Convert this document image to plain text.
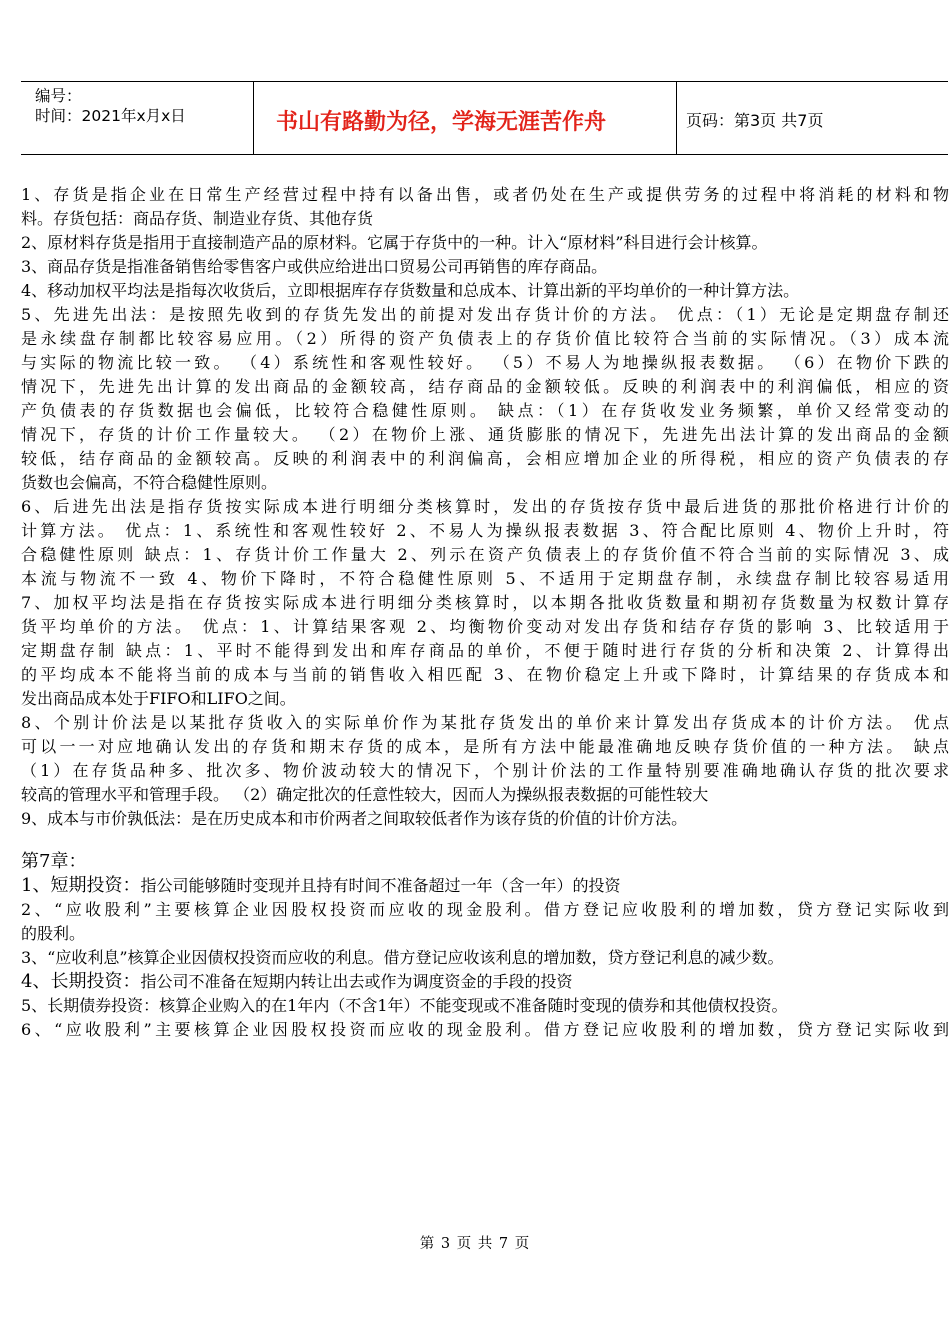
编号：
时间：2021年x月x日	书山有路勤为径，学海无涯苦作舟	页码：第3页 共7页
1、存货是指企业在日常生产经营过程中持有以备出售，或者仍处在生产或提供劳务的过程中将消耗的材料和物
料。存货包括：商品存货、制造业存货、其他存货
2、原材料存货是指用于直接制造产品的原材料。它属于存货中的一种。计入“原材料”科目进行会计核算。
3、商品存货是指准备销售给零售客户或供应给进出口贸易公司再销售的库存商品。
4、移动加权平均法是指每次收货后，立即根据库存存货数量和总成本、计算出新的平均单价的一种计算方法。
5、先进先出法：是按照先收到的存货先发出的前提对发出存货计价的方法。 优点：（1）无论是定期盘存制还
是永续盘存制都比较容易应用。（2）所得的资产负债表上的存货价值比较符合当前的实际情况。（3）成本流
与实际的物流比较一致。 （4）系统性和客观性较好。 （5）不易人为地操纵报表数据。 （6）在物价下跌的
情况下，先进先出计算的发出商品的金额较高，结存商品的金额较低。反映的利润表中的利润偏低，相应的资
产负债表的存货数据也会偏低，比较符合稳健性原则。 缺点：（1）在存货收发业务频繁，单价又经常变动的
情况下，存货的计价工作量较大。 （2）在物价上涨、通货膨胀的情况下，先进先出法计算的发出商品的金额
较低，结存商品的金额较高。反映的利润表中的利润偏高，会相应增加企业的所得税，相应的资产负债表的存
货数也会偏高，不符合稳健性原则。
6、后进先出法是指存货按实际成本进行明细分类核算时，发出的存货按存货中最后进货的那批价格进行计价的
计算方法。 优点：1、系统性和客观性较好 2、不易人为操纵报表数据 3、符合配比原则 4、物价上升时，符
合稳健性原则 缺点：1、存货计价工作量大 2、列示在资产负债表上的存货价值不符合当前的实际情况 3、成
本流与物流不一致 4、物价下降时，不符合稳健性原则 5、不适用于定期盘存制，永续盘存制比较容易适用
7、加权平均法是指在存货按实际成本进行明细分类核算时，以本期各批收货数量和期初存货数量为权数计算存
货平均单价的方法。 优点：1、计算结果客观 2、均衡物价变动对发出存货和结存存货的影响 3、比较适用于
定期盘存制 缺点：1、平时不能得到发出和库存商品的单价，不便于随时进行存货的分析和决策 2、计算得出
的平均成本不能将当前的成本与当前的销售收入相匹配 3、在物价稳定上升或下降时，计算结果的存货成本和
发出商品成本处于FIFO和LIFO之间。
8、个别计价法是以某批存货收入的实际单价作为某批存货发出的单价来计算发出存货成本的计价方法。 优点
可以一一对应地确认发出的存货和期末存货的成本，是所有方法中能最准确地反映存货价值的一种方法。 缺点
（1）在存货品种多、批次多、物价波动较大的情况下，个别计价法的工作量特别要准确地确认存货的批次要求
较高的管理水平和管理手段。 （2）确定批次的任意性较大，因而人为操纵报表数据的可能性较大
9、成本与市价孰低法：是在历史成本和市价两者之间取较低者作为该存货的价值的计价方法。
第7章：
1、短期投资：指公司能够随时变现并且持有时间不准备超过一年（含一年）的投资
2、“应收股利”主要核算企业因股权投资而应收的现金股利。借方登记应收股利的增加数，贷方登记实际收到
的股利。
3、“应收利息”核算企业因债权投资而应收的利息。借方登记应收该利息的增加数，贷方登记利息的减少数。
4、长期投资：指公司不准备在短期内转让出去或作为调度资金的手段的投资
5、长期债券投资：核算企业购入的在1年内（不含1年）不能变现或不准备随时变现的债券和其他债权投资。
6、“应收股利”主要核算企业因股权投资而应收的现金股利。借方登记应收股利的增加数，贷方登记实际收到
第 3 页 共 7 页
